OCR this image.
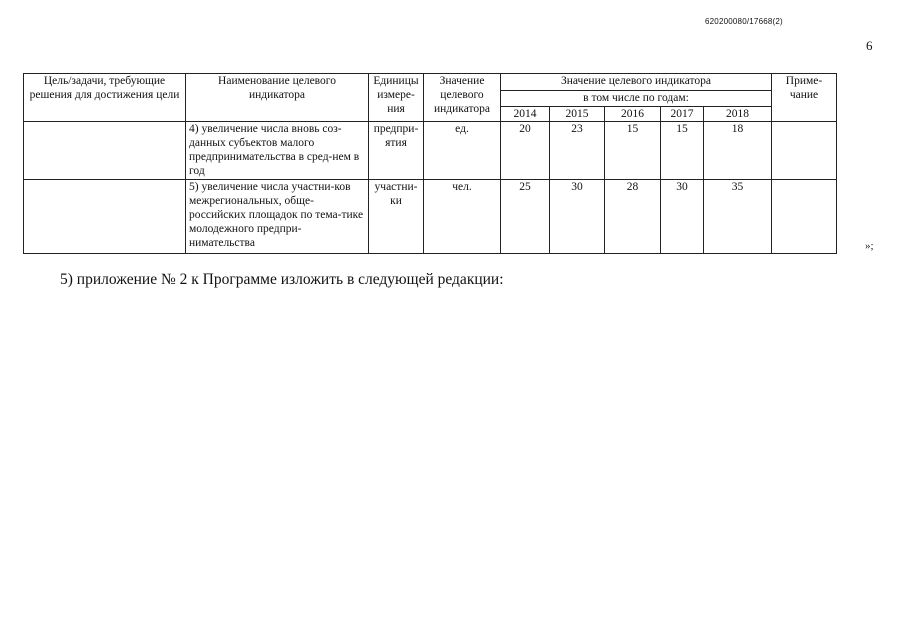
620200080/17668(2)
6
Цель/задачи, требующие решения для достижения цели	Наименование целевого индикатора	Единицы измере-ния	Значение целевого индикатора	Значение целевого индикатора					Приме-чание
				в том числе по годам:					
				2014	2015	2016	2017	2018	
	4) увеличение числа вновь соз-данных субъектов малого предпринимательства в сред-нем в год	предпри-ятия	ед.	20	23	15	15	18	
	5) увеличение числа участни-ков межрегиональных, обще-российских площадок по тема-тике молодежного предпри-нимательства	участни-ки	чел.	25	30	28	30	35	
»;
5) приложение № 2 к Программе изложить в следующей редакции:
